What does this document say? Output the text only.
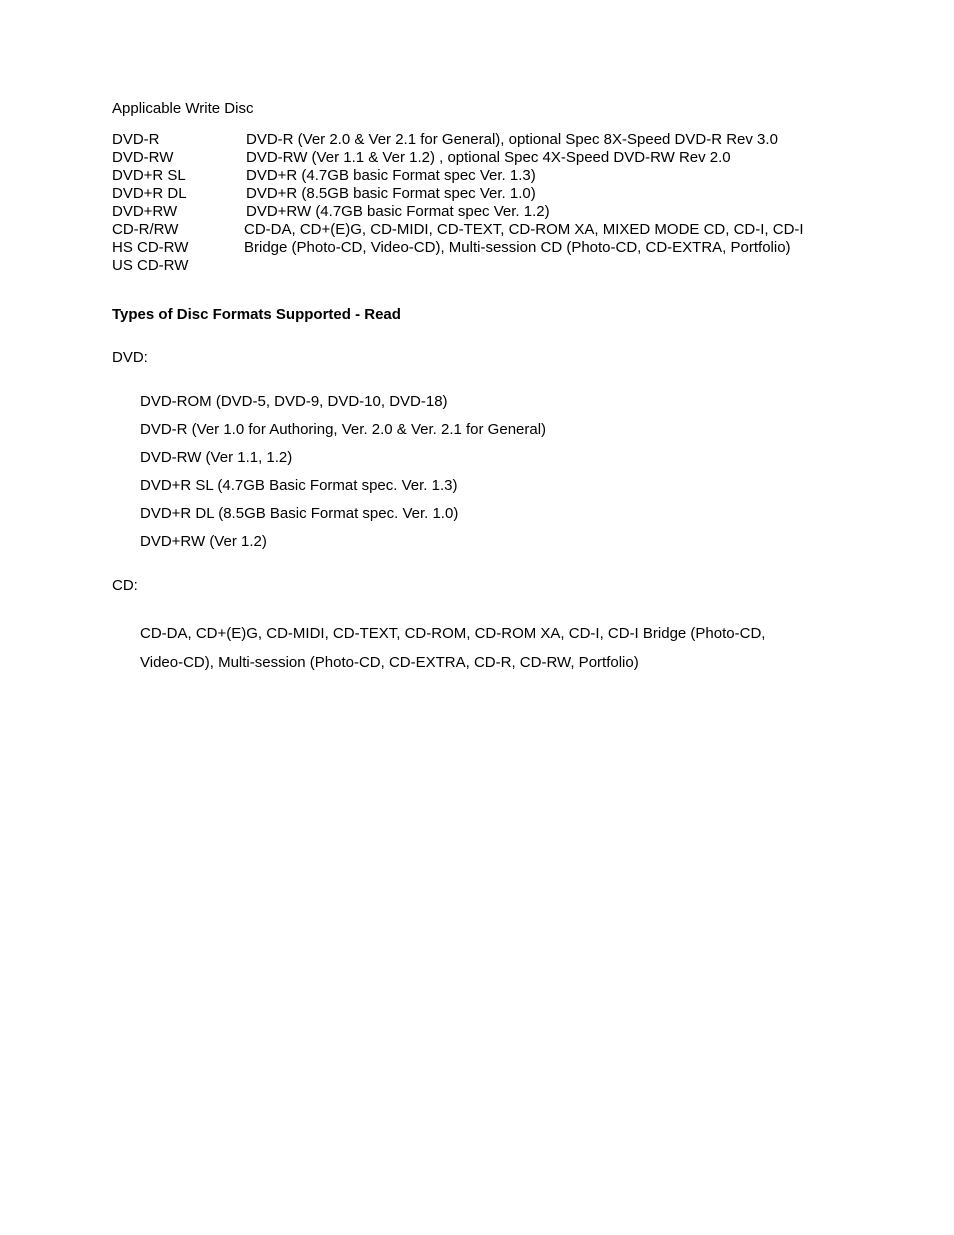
Applicable Write Disc
DVD-R	DVD-R (Ver 2.0 & Ver 2.1 for General), optional Spec 8X-Speed DVD-R Rev 3.0
DVD-RW	DVD-RW (Ver 1.1 & Ver 1.2) , optional Spec 4X-Speed DVD-RW Rev 2.0
DVD+R SL	DVD+R (4.7GB basic Format spec Ver. 1.3)
DVD+R DL	DVD+R (8.5GB basic Format spec Ver. 1.0)
DVD+RW	DVD+RW (4.7GB basic Format spec Ver. 1.2)
CD-R/RW	CD-DA, CD+(E)G, CD-MIDI, CD-TEXT, CD-ROM XA, MIXED MODE CD, CD-I, CD-I
HS CD-RW	Bridge (Photo-CD, Video-CD), Multi-session CD (Photo-CD, CD-EXTRA, Portfolio)
US CD-RW
Types of Disc Formats Supported - Read
DVD:
DVD-ROM (DVD-5, DVD-9, DVD-10, DVD-18)
DVD-R (Ver 1.0 for Authoring, Ver. 2.0 & Ver. 2.1 for General)
DVD-RW (Ver 1.1, 1.2)
DVD+R SL (4.7GB Basic Format spec. Ver. 1.3)
DVD+R DL (8.5GB Basic Format spec. Ver. 1.0)
DVD+RW (Ver 1.2)
CD:
CD-DA, CD+(E)G, CD-MIDI, CD-TEXT, CD-ROM, CD-ROM XA, CD-I, CD-I Bridge (Photo-CD,
Video-CD), Multi-session (Photo-CD, CD-EXTRA, CD-R, CD-RW, Portfolio)
